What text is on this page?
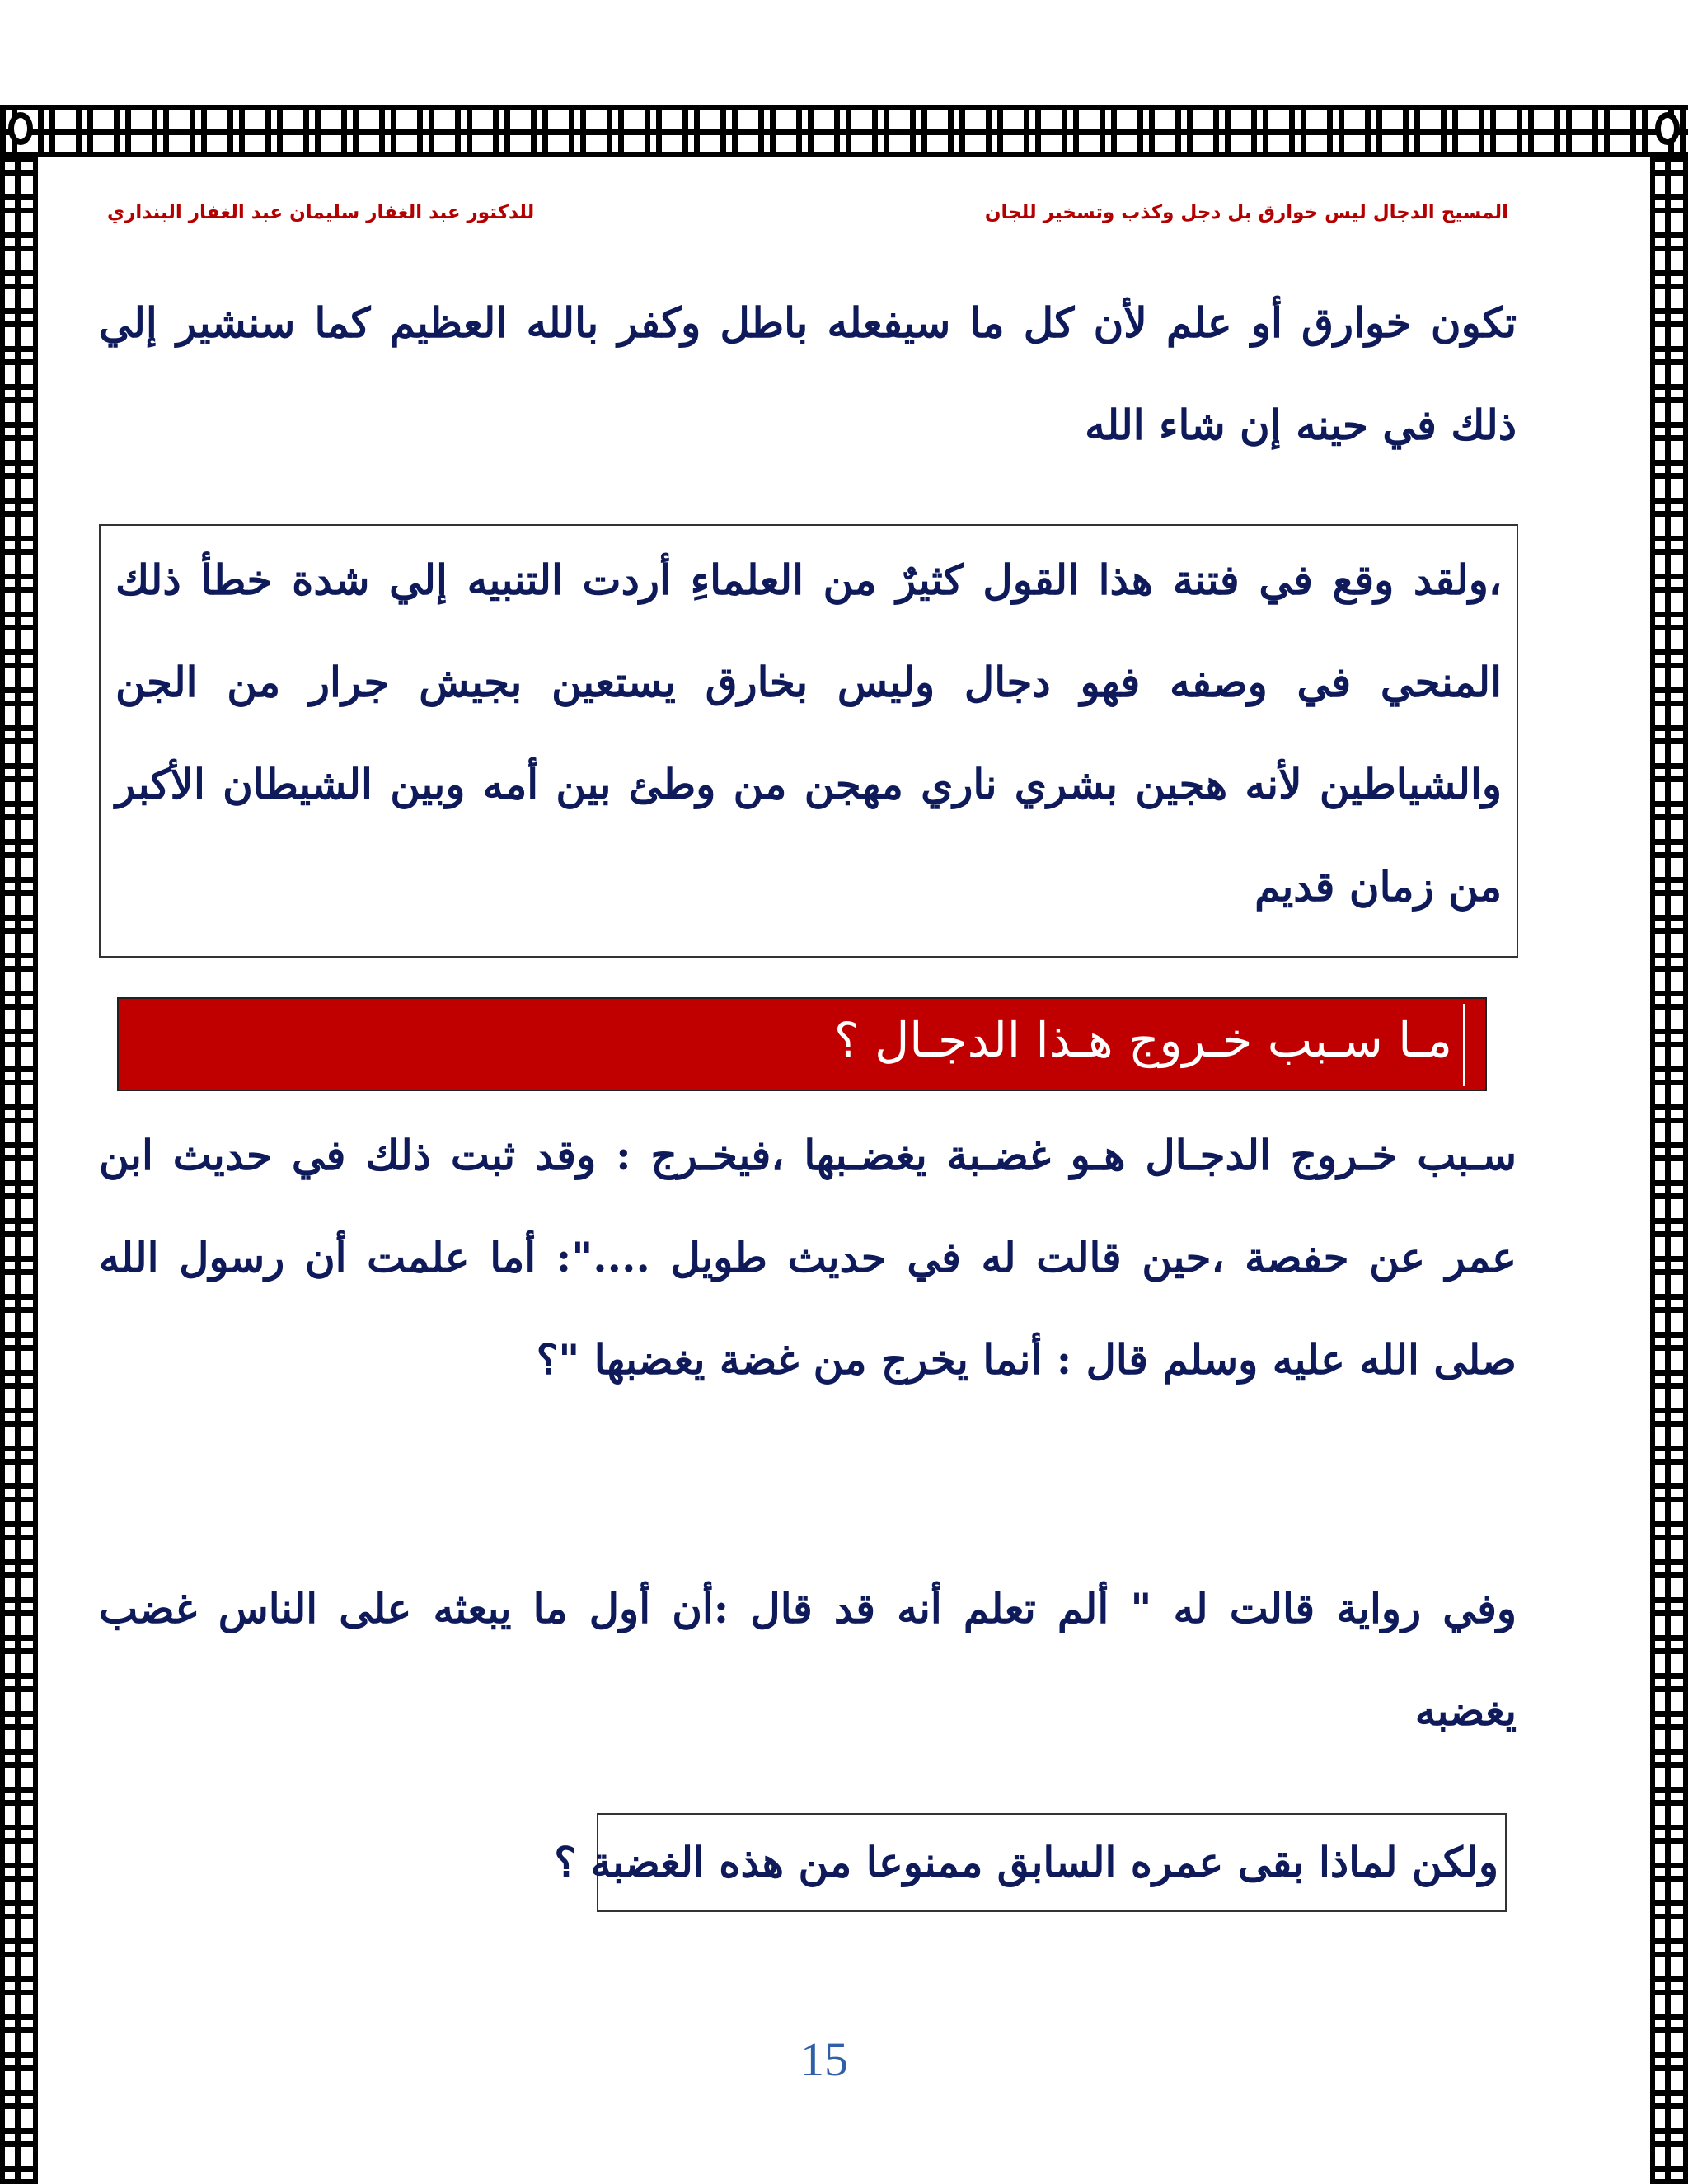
المسيح الدجال ليس خوارق بل دجل وكذب وتسخير للجان
للدكتور عبد الغفار سليمان عبد الغفار البنداري
تكون خوارق أو علم لأن كل ما سيفعله باطل وكفر بالله العظيم كما سنشير إلي ذلك في حينه إن شاء الله
،ولقد وقع في فتنة هذا القول كثيرٌ من العلماءِ أردت التنبيه إلي شدة خطأ ذلك المنحي في وصفه فهو دجال وليس بخارق يستعين بجيش جرار من الجن والشياطين لأنه هجين بشري ناري مهجن من وطئ بين أمه وبين الشيطان الأكبر من زمان قديم
مـا سـبب خـروج هـذا الدجـال ؟
سـبب خـروج الدجـال هـو غضـبة يغضـبها ،فيخـرج : وقد ثبت ذلك في حديث ابن عمر عن حفصة ،حين قالت له في حديث طويل ....": أما علمت أن رسول الله صلى الله عليه وسلم قال : أنما يخرج من غضة يغضبها "؟
وفي رواية قالت له " ألم تعلم أنه قد قال :أن أول ما يبعثه على الناس غضب يغضبه
ولكن لماذا بقى عمره السابق ممنوعا من هذه الغضبة ؟
15
